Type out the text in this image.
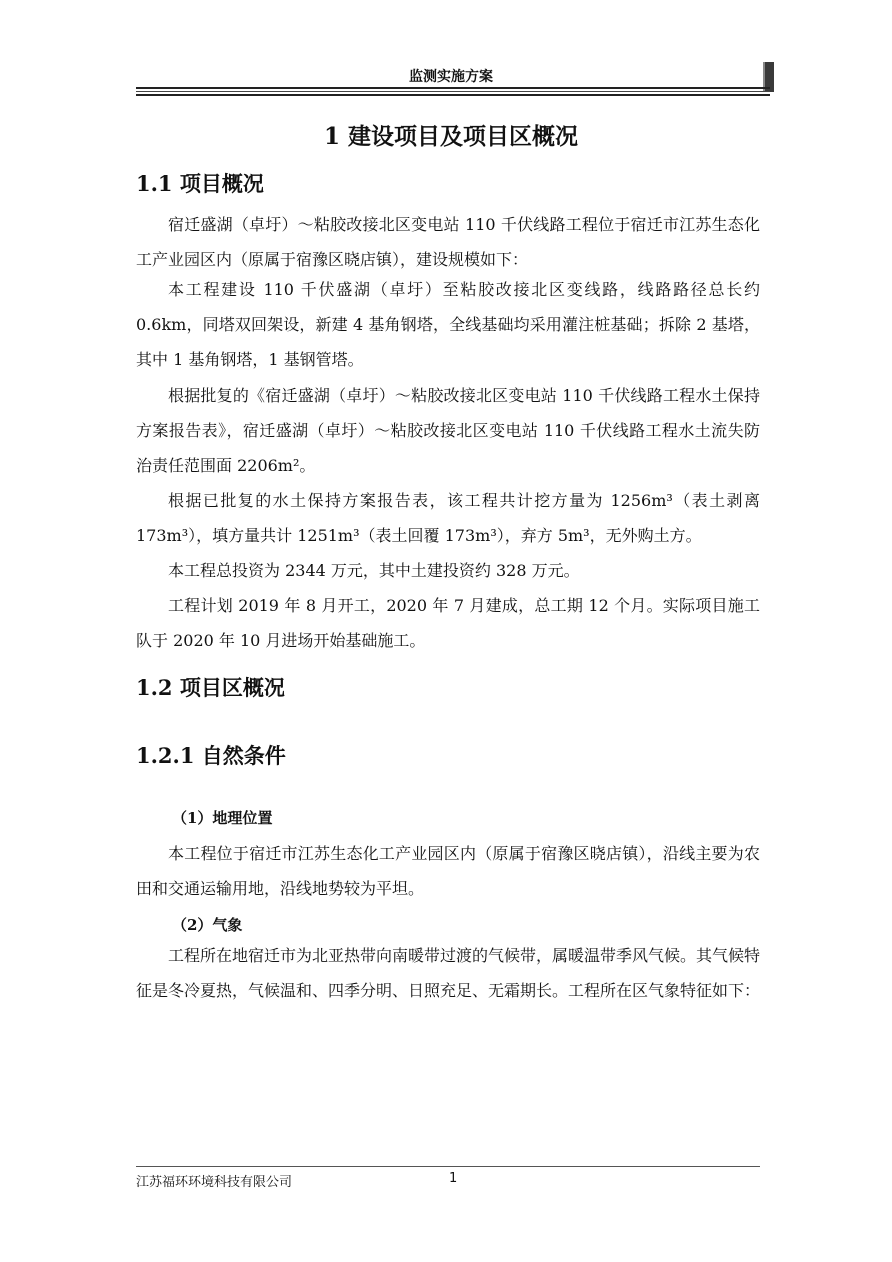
监测实施方案
1 建设项目及项目区概况
1.1 项目概况
宿迁盛湖（卓圩）～粘胶改接北区变电站 110 千伏线路工程位于宿迁市江苏生态化工产业园区内（原属于宿豫区晓店镇），建设规模如下：
本工程建设 110 千伏盛湖（卓圩）至粘胶改接北区变线路，线路路径总长约 0.6km，同塔双回架设，新建 4 基角钢塔，全线基础均采用灌注桩基础；拆除 2 基塔，其中 1 基角钢塔，1 基钢管塔。
根据批复的《宿迁盛湖（卓圩）～粘胶改接北区变电站 110 千伏线路工程水土保持方案报告表》，宿迁盛湖（卓圩）～粘胶改接北区变电站 110 千伏线路工程水土流失防治责任范围面 2206m²。
根据已批复的水土保持方案报告表，该工程共计挖方量为 1256m³（表土剥离 173m³），填方量共计 1251m³（表土回覆 173m³），弃方 5m³，无外购土方。
本工程总投资为 2344 万元，其中土建投资约 328 万元。
工程计划 2019 年 8 月开工，2020 年 7 月建成，总工期 12 个月。实际项目施工队于 2020 年 10 月进场开始基础施工。
1.2 项目区概况
1.2.1 自然条件
（1）地理位置
本工程位于宿迁市江苏生态化工产业园区内（原属于宿豫区晓店镇），沿线主要为农田和交通运输用地，沿线地势较为平坦。
（2）气象
工程所在地宿迁市为北亚热带向南暖带过渡的气候带，属暖温带季风气候。其气候特征是冬冷夏热，气候温和、四季分明、日照充足、无霜期长。工程所在区气象特征如下：
江苏福环环境科技有限公司	1
